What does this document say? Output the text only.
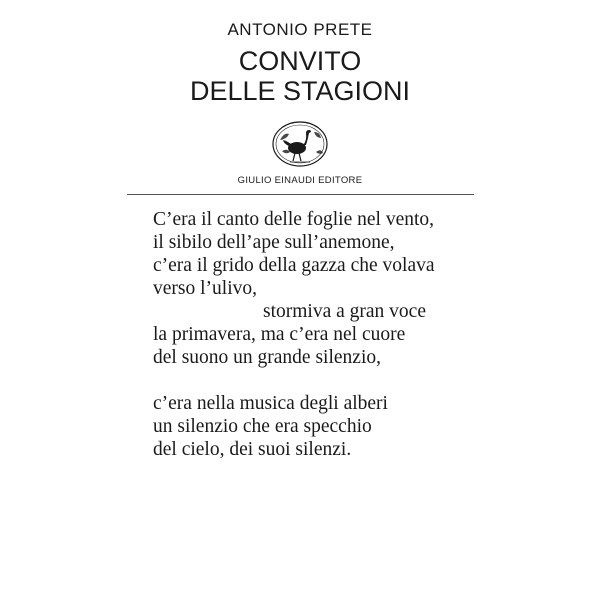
ANTONIO PRETE

CONVITO
DELLE STAGIONI

GIULIO EINAUDI EDITORE

C’era il canto delle foglie nel vento,
il sibilo dell’ape sull’anemone,
c’era il grido della gazza che volava
verso l’ulivo,
stormiva a gran voce
la primavera, ma c’era nel cuore
del suono un grande silenzio,
c’era nella musica degli alberi
un silenzio che era specchio
del cielo, dei suoi silenzi.
